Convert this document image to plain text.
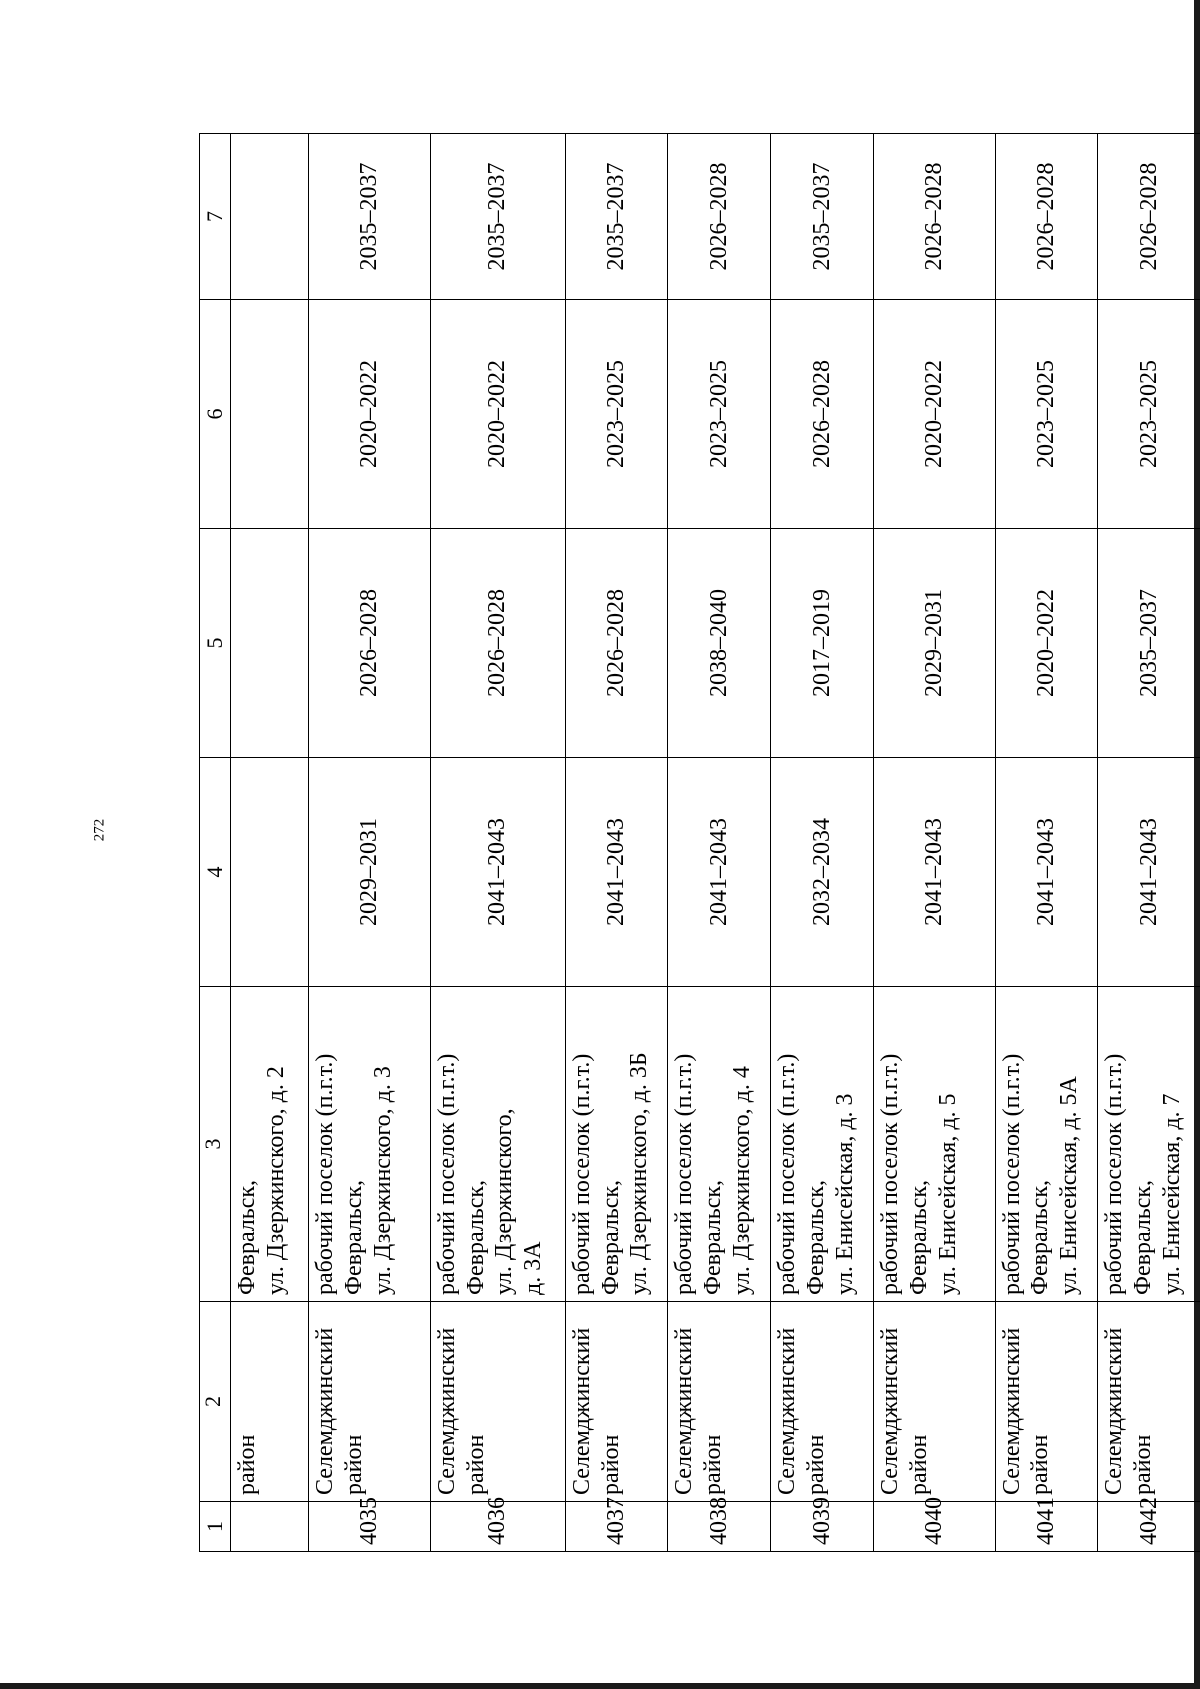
272
1	2	3	4	5	6	7
	район	Февральск,
ул. Дзержинского, д. 2				
4035	Селемджинский
район	рабочий поселок (п.г.т.)
Февральск,
ул. Дзержинского, д. 3	2029–2031	2026–2028	2020–2022	2035–2037
4036	Селемджинский
район	рабочий поселок (п.г.т.)
Февральск,
ул. Дзержинского,
д. 3А	2041–2043	2026–2028	2020–2022	2035–2037
4037	Селемджинский
район	рабочий поселок (п.г.т.)
Февральск,
ул. Дзержинского, д. 3Б	2041–2043	2026–2028	2023–2025	2035–2037
4038	Селемджинский
район	рабочий поселок (п.г.т.)
Февральск,
ул. Дзержинского, д. 4	2041–2043	2038–2040	2023–2025	2026–2028
4039	Селемджинский
район	рабочий поселок (п.г.т.)
Февральск,
ул. Енисейская, д. 3	2032–2034	2017–2019	2026–2028	2035–2037
4040	Селемджинский
район	рабочий поселок (п.г.т.)
Февральск,
ул. Енисейская, д. 5	2041–2043	2029–2031	2020–2022	2026–2028
4041	Селемджинский
район	рабочий поселок (п.г.т.)
Февральск,
ул. Енисейская, д. 5А	2041–2043	2020–2022	2023–2025	2026–2028
4042	Селемджинский
район	рабочий поселок (п.г.т.)
Февральск,
ул. Енисейская, д. 7	2041–2043	2035–2037	2023–2025	2026–2028
